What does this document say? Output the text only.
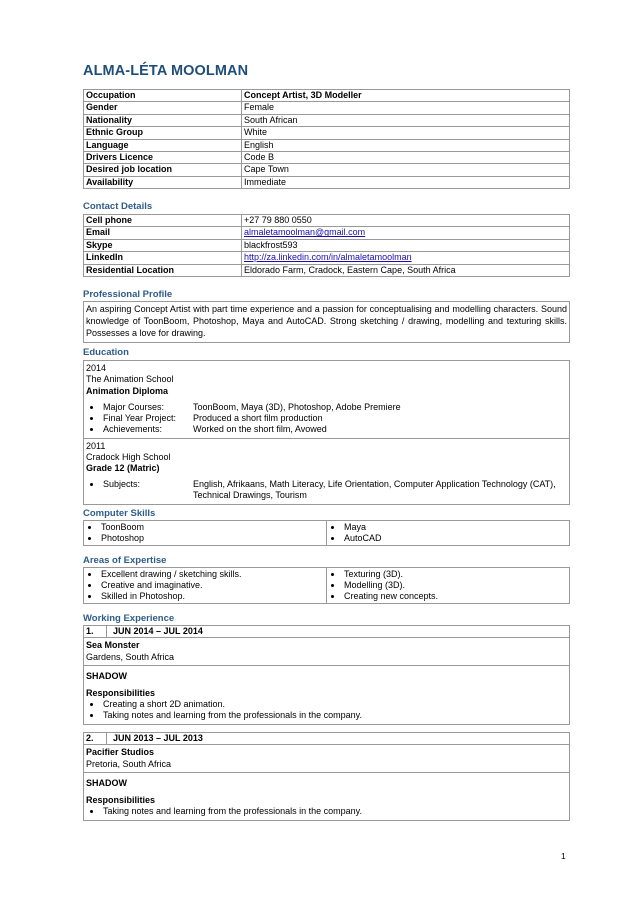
ALMA-LÉTA MOOLMAN
Occupation	Concept Artist, 3D Modeller
Gender	Female
Nationality	South African
Ethnic Group	White
Language	English
Drivers Licence	Code B
Desired job location	Cape Town
Availability	Immediate
Contact Details
Cell phone	+27 79 880 0550
Email	almaletamoolman@gmail.com
Skype	blackfrost593
LinkedIn	http://za.linkedin.com/in/almaletamoolman
Residential Location	Eldorado Farm, Cradock, Eastern Cape, South Africa
Professional Profile
An aspiring Concept Artist with part time experience and a passion for conceptualising and modelling characters. Sound knowledge of ToonBoom, Photoshop, Maya and AutoCAD. Strong sketching / drawing, modelling and texturing skills. Possesses a love for drawing.
Education
2014
The Animation School
Animation Diploma
Major Courses:	ToonBoom, Maya (3D), Photoshop, Adobe Premiere
Final Year Project:	Produced a short film production
Achievements:	Worked on the short film, Avowed
2011
Cradock High School
Grade 12 (Matric)
Subjects:	English, Afrikaans, Math Literacy, Life Orientation, Computer Application Technology (CAT), Technical Drawings, Tourism
Computer Skills
ToonBoom
Photoshop
Maya
AutoCAD
Areas of Expertise
Excellent drawing / sketching skills.
Creative and imaginative.
Skilled in Photoshop.
Texturing (3D).
Modelling (3D).
Creating new concepts.
Working Experience
1.	JUN 2014 – JUL 2014
Sea Monster
Gardens, South Africa
SHADOW
Responsibilities
Creating a short 2D animation.
Taking notes and learning from the professionals in the company.
2.	JUN 2013 – JUL 2013
Pacifier Studios
Pretoria, South Africa
SHADOW
Responsibilities
Taking notes and learning from the professionals in the company.
1
